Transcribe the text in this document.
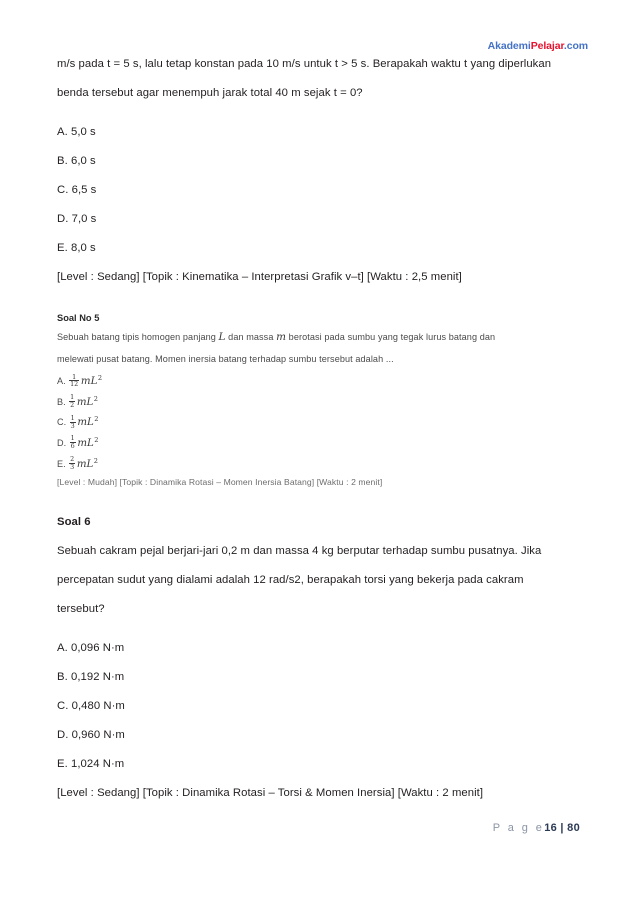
AkademiPelajar.com

m/s pada t = 5 s, lalu tetap konstan pada 10 m/s untuk t > 5 s. Berapakah waktu t yang diperlukan

benda tersebut agar menempuh jarak total 40 m sejak t = 0?

A. 5,0 s

B. 6,0 s

C. 6,5 s

D. 7,0 s

E. 8,0 s

[Level : Sedang] [Topik : Kinematika – Interpretasi Grafik v–t] [Waktu : 2,5 menit]

Soal No 5

Sebuah batang tipis homogen panjang L dan massa m berotasi pada sumbu yang tegak lurus batang dan

melewati pusat batang. Momen inersia batang terhadap sumbu tersebut adalah ...

A. $\frac{1}{12} mL^2$

B. $\frac{1}{2} mL^2$

C. $\frac{1}{3} mL^2$

D. $\frac{1}{6} mL^2$

E. $\frac{2}{3} mL^2$

[Level : Mudah] [Topik : Dinamika Rotasi – Momen Inersia Batang] [Waktu : 2 menit]

Soal 6

Sebuah cakram pejal berjari-jari 0,2 m dan massa 4 kg berputar terhadap sumbu pusatnya. Jika

percepatan sudut yang dialami adalah 12 rad/s2, berapakah torsi yang bekerja pada cakram

tersebut?

A. 0,096 N·m

B. 0,192 N·m

C. 0,480 N·m

D. 0,960 N·m

E. 1,024 N·m

[Level : Sedang] [Topik : Dinamika Rotasi – Torsi & Momen Inersia] [Waktu : 2 menit]

P a g e16 | 80
